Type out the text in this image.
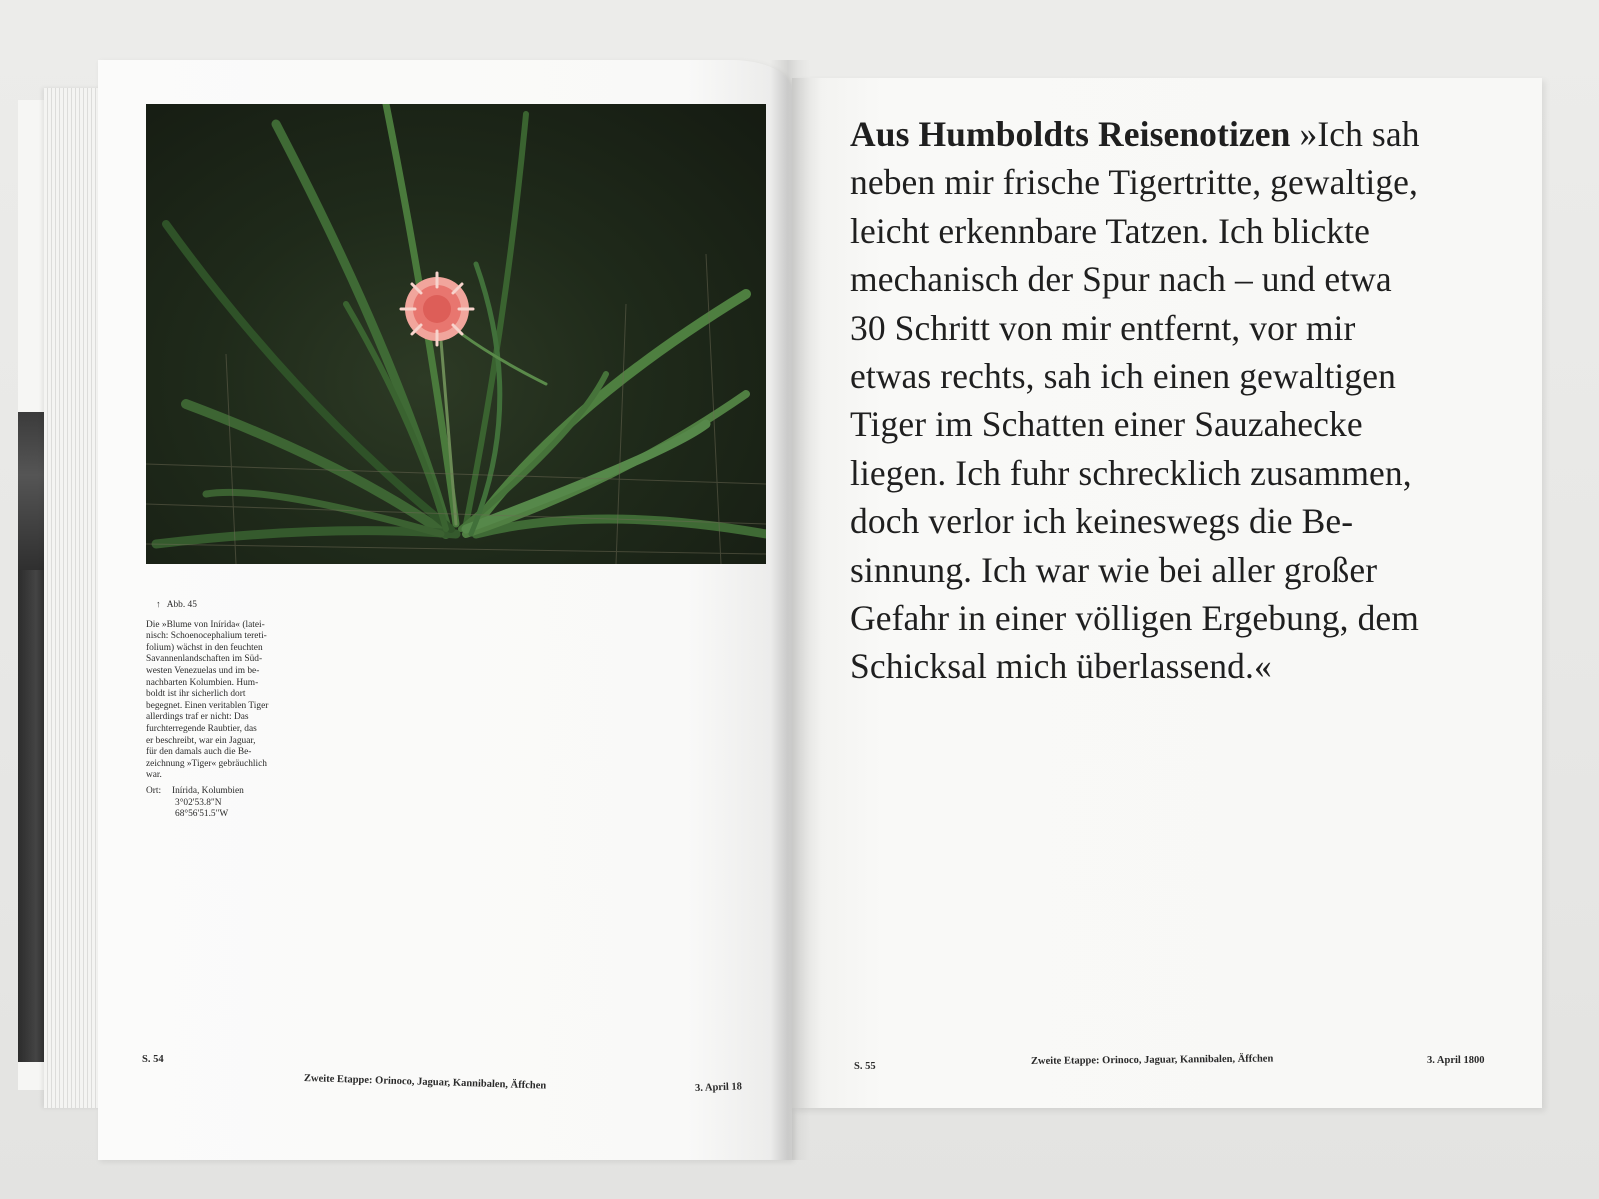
↑ Abb. 45

Die »Blume von Inírida« (latei-

nisch: Schoenocephalium tereti-

folium) wächst in den feuchten

Savannenlandschaften im Süd-

westen Venezuelas und im be-

nachbarten Kolumbien. Hum-

boldt ist ihr sicherlich dort

begegnet. Einen veritablen Tiger

allerdings traf er nicht: Das

furchterregende Raubtier, das

er beschreibt, war ein Jaguar,

für den damals auch die Be-

zeichnung »Tiger« gebräuchlich

war.

Ort:	Inírida, Kolumbien
3°02'53.8"N
68°56'51.5"W
S. 54
Zweite Etappe: Orinoco, Jaguar, Kannibalen, Äffchen	3. April 18
Aus Humboldts Reisenotizen »Ich sah
neben mir frische Tigertritte, gewaltige,
leicht erkennbare Tatzen. Ich blickte
mechanisch der Spur nach – und etwa
30 Schritt von mir entfernt, vor mir
etwas rechts, sah ich einen gewaltigen
Tiger im Schatten einer Sauzahecke
liegen. Ich fuhr schrecklich zusammen,
doch verlor ich keineswegs die Be-
sinnung. Ich war wie bei aller großer
Gefahr in einer völligen Ergebung, dem
Schicksal mich überlassend.«
S. 55	Zweite Etappe: Orinoco, Jaguar, Kannibalen, Äffchen	3. April 1800
